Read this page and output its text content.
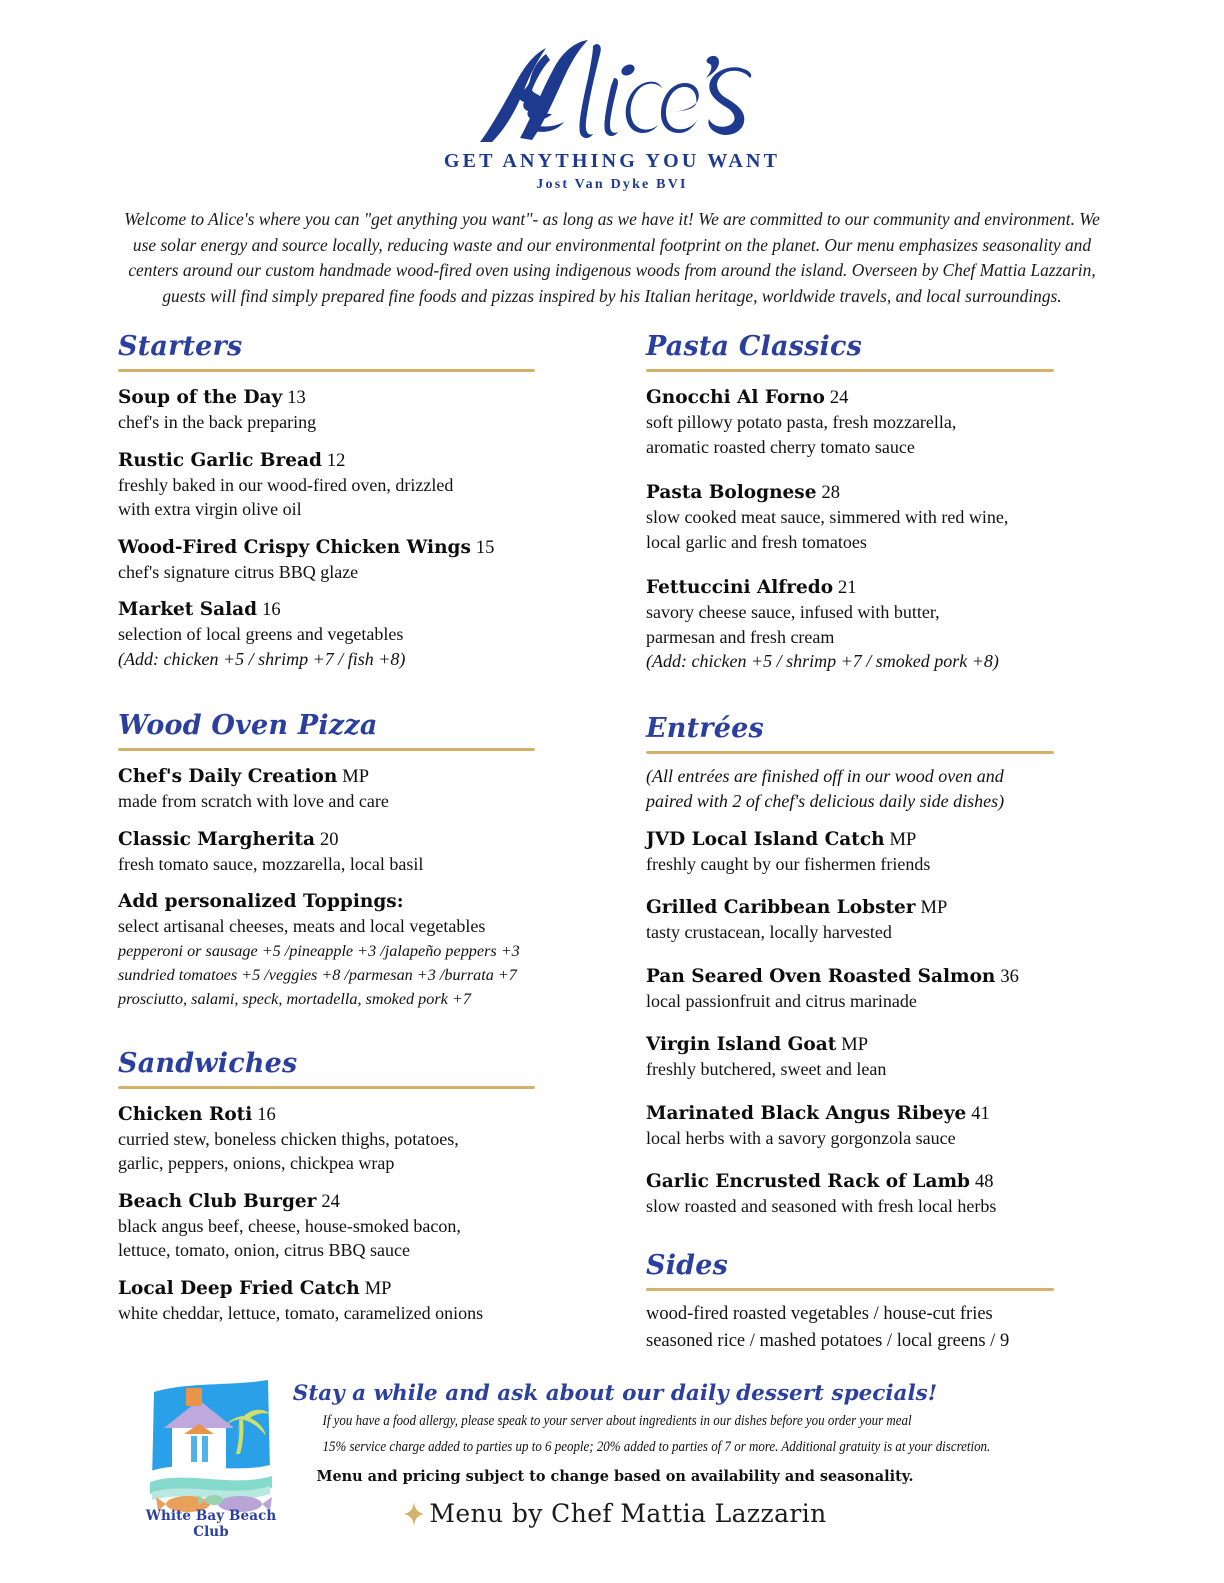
GET ANYTHING YOU WANT
Jost Van Dyke BVI
Welcome to Alice's where you can "get anything you want"- as long as we have it! We are committed to our community and environment. We use solar energy and source locally, reducing waste and our environmental footprint on the planet. Our menu emphasizes seasonality and centers around our custom handmade wood-fired oven using indigenous woods from around the island. Overseen by Chef Mattia Lazzarin, guests will find simply prepared fine foods and pizzas inspired by his Italian heritage, worldwide travels, and local surroundings.
Starters
Soup of the Day 13
chef's in the back preparing
Rustic Garlic Bread 12
freshly baked in our wood-fired oven, drizzled
with extra virgin olive oil
Wood-Fired Crispy Chicken Wings 15
chef's signature citrus BBQ glaze
Market Salad 16
selection of local greens and vegetables
(Add: chicken +5 / shrimp +7 / fish +8)
Wood Oven Pizza
Chef's Daily Creation MP
made from scratch with love and care
Classic Margherita 20
fresh tomato sauce, mozzarella, local basil
Add personalized Toppings:
select artisanal cheeses, meats and local vegetables
pepperoni or sausage +5 /pineapple +3 /jalapeño peppers +3
sundried tomatoes +5 /veggies +8 /parmesan +3 /burrata +7
prosciutto, salami, speck, mortadella, smoked pork +7
Sandwiches
Chicken Roti 16
curried stew, boneless chicken thighs, potatoes,
garlic, peppers, onions, chickpea wrap
Beach Club Burger 24
black angus beef, cheese, house-smoked bacon,
lettuce, tomato, onion, citrus BBQ sauce
Local Deep Fried Catch MP
white cheddar, lettuce, tomato, caramelized onions
Pasta Classics
Gnocchi Al Forno 24
soft pillowy potato pasta, fresh mozzarella,
aromatic roasted cherry tomato sauce
Pasta Bolognese 28
slow cooked meat sauce, simmered with red wine,
local garlic and fresh tomatoes
Fettuccini Alfredo 21
savory cheese sauce, infused with butter,
parmesan and fresh cream
(Add: chicken +5 / shrimp +7 / smoked pork +8)
Entrées
(All entrées are finished off in our wood oven and paired with 2 of chef's delicious daily side dishes)
JVD Local Island Catch MP
freshly caught by our fishermen friends
Grilled Caribbean Lobster MP
tasty crustacean, locally harvested
Pan Seared Oven Roasted Salmon 36
local passionfruit and citrus marinade
Virgin Island Goat MP
freshly butchered, sweet and lean
Marinated Black Angus Ribeye 41
local herbs with a savory gorgonzola sauce
Garlic Encrusted Rack of Lamb 48
slow roasted and seasoned with fresh local herbs
Sides
wood-fired roasted vegetables / house-cut fries
seasoned rice / mashed potatoes / local greens / 9
White Bay Beach Club
Stay a while and ask about our daily dessert specials!
If you have a food allergy, please speak to your server about ingredients in our dishes before you order your meal
15% service charge added to parties up to 6 people; 20% added to parties of 7 or more. Additional gratuity is at your discretion.
Menu and pricing subject to change based on availability and seasonality.
Menu by Chef Mattia Lazzarin
